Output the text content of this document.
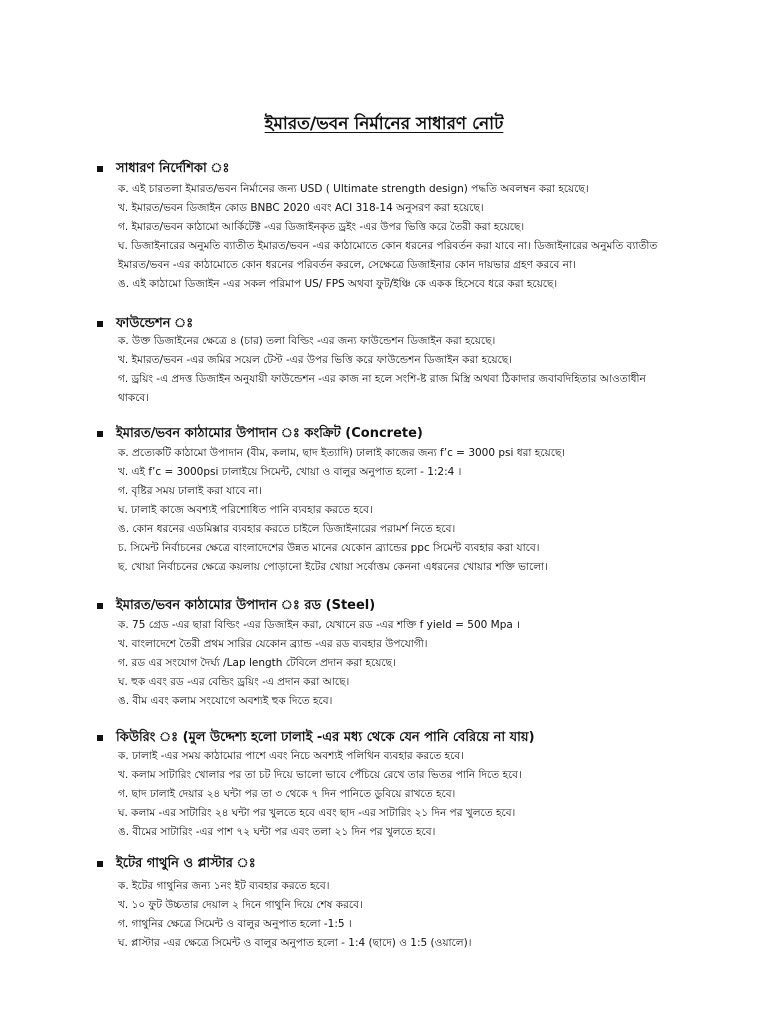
ইমারত/ভবন নির্মানের সাধারণ নোট
সাধারণ নির্দেশিকা ঃ
ক. এই চারতলা ইমারত/ভবন নির্মানের জন্য USD ( Ultimate strength design) পদ্ধতি অবলম্বন করা হয়েছে।
খ. ইমারত/ভবন ডিজাইন কোড BNBC 2020 এবং ACI 318-14 অনুসরণ করা হয়েছে।
গ. ইমারত/ভবন কাঠামো আর্কিটেক্ট -এর ডিজাইনকৃত ড্রইং -এর উপর ভিত্তি করে তৈরী করা হয়েছে।
ঘ. ডিজাইনারের অনুমতি ব্যাতীত ইমারত/ভবন -এর কাঠামোতে কোন ধরনের পরিবর্তন করা যাবে না। ডিজাইনারের অনুমতি ব্যাতীত ইমারত/ভবন -এর কাঠামোতে কোন ধরনের পরিবর্তন করলে, সেক্ষেত্রে ডিজাইনার কোন দায়ভার গ্রহণ করবে না।
ঙ. এই কাঠামো ডিজাইন -এর সকল পরিমাপ US/ FPS অথবা ফুট/ইঞ্চি কে একক হিসেবে ধরে করা হয়েছে।
ফাউন্ডেশন ঃ
ক. উক্ত ডিজাইনের ক্ষেত্রে ৪ (চার) তলা বিল্ডিং -এর জন্য ফাউন্ডেশন ডিজাইন করা হয়েছে।
খ. ইমারত/ভবন -এর জমির সয়েল টেস্ট -এর উপর ভিত্তি করে ফাউন্ডেশন ডিজাইন করা হয়েছে।
গ. ড্রয়িং -এ প্রদত্ত ডিজাইন অনুযায়ী ফাউন্ডেশন -এর কাজ না হলে সংশি-ষ্ট রাজ মিস্ত্রি অথবা ঠিকাদার জবাবদিহিতার আওতাধীন থাকবে।
ইমারত/ভবন কাঠামোর উপাদান ঃ কংক্রিট (Concrete)
ক. প্রত্যেকটি কাঠামো উপাদান (বীম, কলাম, ছাদ ইত্যাদি) ঢালাই কাজের জন্য f’c = 3000 psi ধরা হয়েছে।
খ. এই f’c = 3000psi ঢালাইয়ে সিমেন্ট, খোয়া ও বালুর অনুপাত হলো - 1:2:4 ।
গ. বৃষ্টির সময় ঢালাই করা যাবে না।
ঘ. ঢালাই কাজে অবশ্যই পরিশোধিত পানি ব্যবহার করতে হবে।
ঙ. কোন ধরনের এডমিক্সার ব্যবহার করতে চাইলে ডিজাইনারের পরামর্শ নিতে হবে।
চ. সিমেন্ট নির্বাচনের ক্ষেত্রে বাংলাদেশের উন্নত মানের যেকোন ব্র্যান্ডের ppc সিমেন্ট ব্যবহার করা যাবে।
ছ. খোয়া নির্বাচনের ক্ষেত্রে কয়লায় পোড়ানো ইটের খোয়া সর্বোত্তম কেননা এধরনের খোয়ার শক্তি ভালো।
ইমারত/ভবন কাঠামোর উপাদান ঃ রড (Steel)
ক. 75 গ্রেড -এর ছারা বিল্ডিং -এর ডিজাইন করা, যেখানে রড -এর শক্তি f yield = 500 Mpa ।
খ. বাংলাদেশে তৈরী প্রথম সারির যেকোন ব্র্যান্ড -এর রড ব্যবহার উপযোগী।
গ. রড এর সংযোগ দৈর্ঘ্য /Lap length টেবিলে প্রদান করা হয়েছে।
ঘ. হুক এবং রড -এর বেন্ডিং ড্রয়িং -এ প্রদান করা আছে।
ঙ. বীম এবং কলাম সংযোগে অবশ্যই হুক দিতে হবে।
কিউরিং ঃ (মুল উদ্দেশ্য হলো ঢালাই -এর মধ্য থেকে যেন পানি বেরিয়ে না যায়)
ক. ঢালাই -এর সময় কাঠামোর পাশে এবং নিচে অবশ্যই পলিথিন ব্যবহার করতে হবে।
খ. কলাম সাটারিং খোলার পর তা চট দিয়ে ভালো ভাবে পেঁচিয়ে রেখে তার ভিতর পানি দিতে হবে।
গ. ছাদ ঢালাই দেয়ার ২৪ ঘন্টা পর তা ৩ থেকে ৭ দিন পানিতে ডুবিয়ে রাখতে হবে।
ঘ. কলাম -এর সাটারিং ২৪ ঘন্টা পর খুলতে হবে এবং ছাদ -এর সাটারিং ২১ দিন পর খুলতে হবে।
ঙ. বীমের সাটারিং -এর পাশ ৭২ ঘন্টা পর এবং তলা ২১ দিন পর খুলতে হবে।
ইটের গাথুনি ও প্লাস্টার ঃ
ক. ইটের গাথুনির জন্য ১নং ইট ব্যবহার করতে হবে।
খ. ১০ ফুট উচ্চতার দেয়াল ২ দিনে গাথুনি দিয়ে শেষ করবে।
গ. গাথুনির ক্ষেত্রে সিমেন্ট ও বালুর অনুপাত হলো -1:5 ।
ঘ. প্লাস্টার -এর ক্ষেত্রে সিমেন্ট ও বালুর অনুপাত হলো - 1:4 (ছাদে) ও 1:5 (ওয়ালে)।
